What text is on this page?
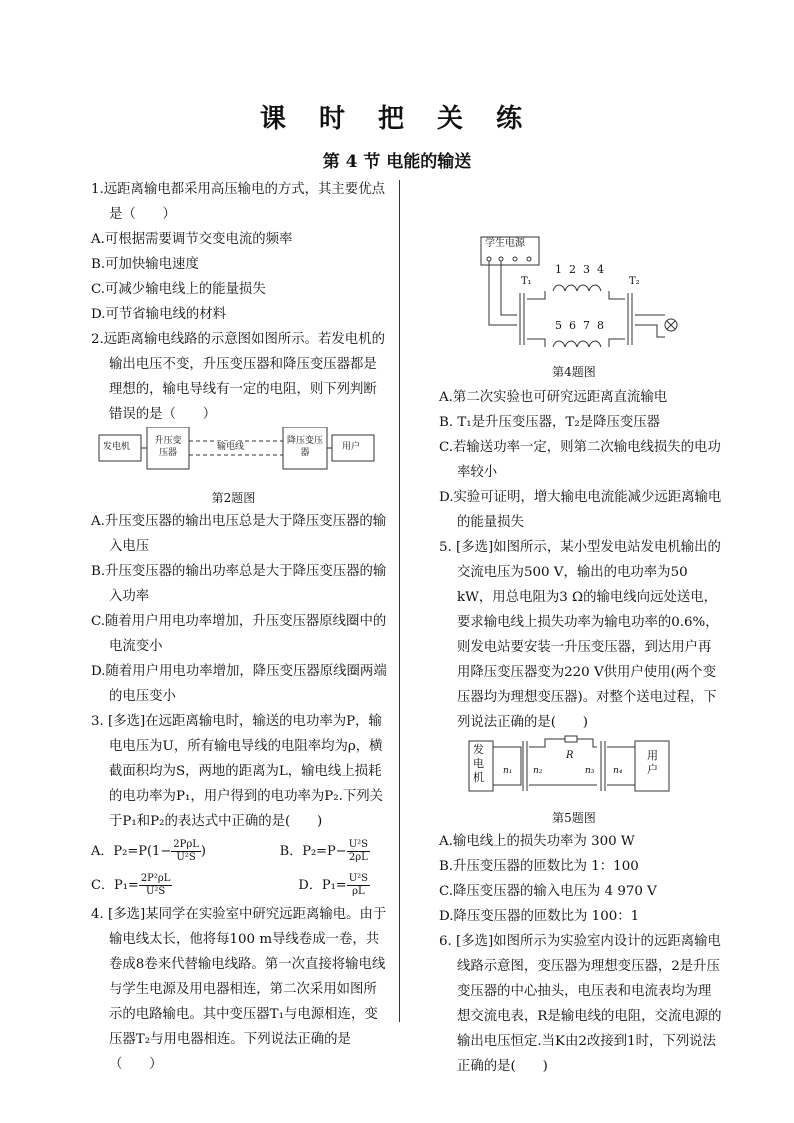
课 时 把 关 练
第 4 节 电能的输送

1.远距离输电都采用高压输电的方式，其主要优点是（　　）

A.可根据需要调节交变电流的频率

B.可加快输电速度

C.可减少输电线上的能量损失

D.可节省输电线的材料

2.远距离输电线路的示意图如图所示。若发电机的输出电压不变，升压变压器和降压变压器都是理想的，输电导线有一定的电阻，则下列判断错误的是（　　）

发电机
升压变压器
输电线
降压变压器
用户

第2题图

A.升压变压器的输出电压总是大于降压变压器的输入电压

B.升压变压器的输出功率总是大于降压变压器的输入功率

C.随着用户用电功率增加，升压变压器原线圈中的电流变小

D.随着用户用电功率增加，降压变压器原线圈两端的电压变小

3. [多选]在远距离输电时，输送的电功率为P，输电电压为U，所有输电导线的电阻率均为ρ，横截面积均为S，两地的距离为L，输电线上损耗的电功率为P₁，用户得到的电功率为P₂.下列关于P₁和P₂的表达式中正确的是(　　)

A．$P_2=P(1- \frac{\text{2PρL}}{\text{U²S}}$ )	B．$P_2=P- \frac{\text{U²S}}{2\rho L}$
C．$P_1= \frac{\text{2P²ρL}}{\text{U²S}}$	D．$P_1= \frac{\text{U²S}}{\rho L}$

4. [多选]某同学在实验室中研究远距离输电。由于输电线太长，他将每100 m导线卷成一卷，共卷成8卷来代替输电线路。第一次直接将输电线与学生电源及用电器相连，第二次采用如图所示的电路输电。其中变压器T₁与电源相连，变压器T₂与用电器相连。下列说法正确的是　　（　　）

学生电源
T₁	T₂
1  2  3  4
5  6  7  8
第4题图

A.第二次实验也可研究远距离直流输电

B. T₁是升压变压器，T₂是降压变压器

C.若输送功率一定，则第二次输电线损失的电功率较小

D.实验可证明，增大输电电流能减少远距离输电的能量损失

5. [多选]如图所示，某小型发电站发电机输出的交流电压为500 V，输出的电功率为50 kW，用总电阻为3 Ω的输电线向远处送电，要求输电线上损失功率为输电功率的0.6%，则发电站要安装一升压变压器，到达用户再用降压变压器变为220 V供用户使用(两个变压器均为理想变压器)。对整个送电过程，下列说法正确的是(　　)

发电机
R
n₁ n₂	n₃ n₄
用户

第5题图

A.输电线上的损失功率为 300 W

B.升压变压器的匝数比为 1：100

C.降压变压器的输入电压为 4 970 V

D.降压变压器的匝数比为 100：1

6. [多选]如图所示为实验室内设计的远距离输电线路示意图，变压器为理想变压器，2是升压变压器的中心抽头，电压表和电流表均为理想交流电表，R是输电线的电阻，交流电源的输出电压恒定.当K由2改接到1时，下列说法正确的是(　　)
